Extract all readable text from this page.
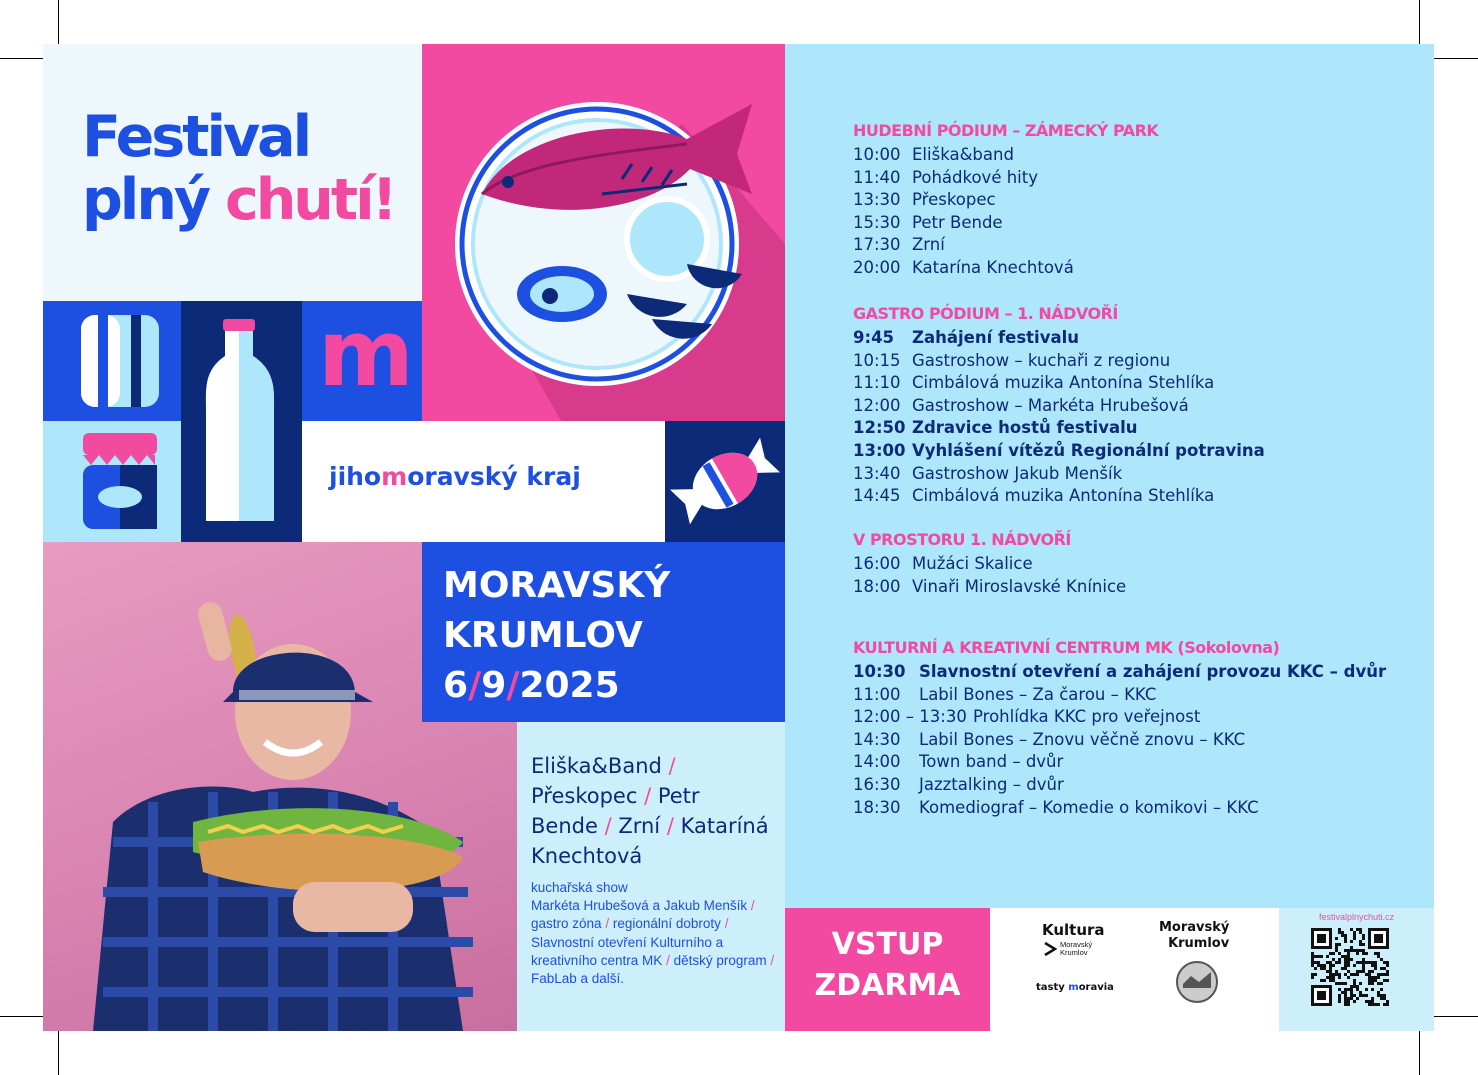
Festival
plný chutí!
m
jihomoravský kraj

MORAVSKÝ
KRUMLOV
6/9/2025

Eliška&Band / Přeskopec / Petr Bende / Zrní / Kataríná Knechtová

kuchařská show
Markéta Hrubešová a Jakub Menšík / gastro zóna / regionální dobroty / Slavnostní otevření Kulturního a kreativního centra MK / dětský program / FabLab a další.

HUDEBNÍ PÓDIUM – ZÁMECKÝ PARK
10:00 Eliška&band
11:40 Pohádkové hity
13:30 Přeskopec
15:30 Petr Bende
17:30 Zrní
20:00 Katarína Knechtová
GASTRO PÓDIUM – 1. NÁDVOŘÍ
9:45	Zahájení festivalu
10:15 Gastroshow – kuchaři z regionu
11:10 Cimbálová muzika Antonína Stehlíka
12:00 Gastroshow – Markéta Hrubešová
12:50 Zdravice hostů festivalu
13:00 Vyhlášení vítězů Regionální potravina
13:40 Gastroshow Jakub Menšík
14:45 Cimbálová muzika Antonína Stehlíka
V PROSTORU 1. NÁDVOŘÍ
16:00 Mužáci Skalice
18:00 Vinaři Miroslavské Knínice
KULTURNÍ A KREATIVNÍ CENTRUM MK (Sokolovna)
10:30 Slavnostní otevření a zahájení provozu KKC – dvůr
11:00	Labil Bones – Za čarou – KKC
12:00 – 13:30 Prohlídka KKC pro veřejnost
14:30	Labil Bones – Znovu věčně znovu – KKC
14:00	Town band – dvůr
16:30	Jazztalking – dvůr
18:30	Komediograf – Komedie o komikovi – KKC

VSTUP
ZDARMA

Kultura
Moravský
Krumlov
Moravský
Krumlov
tasty moravia
festivalplnychuti.cz
